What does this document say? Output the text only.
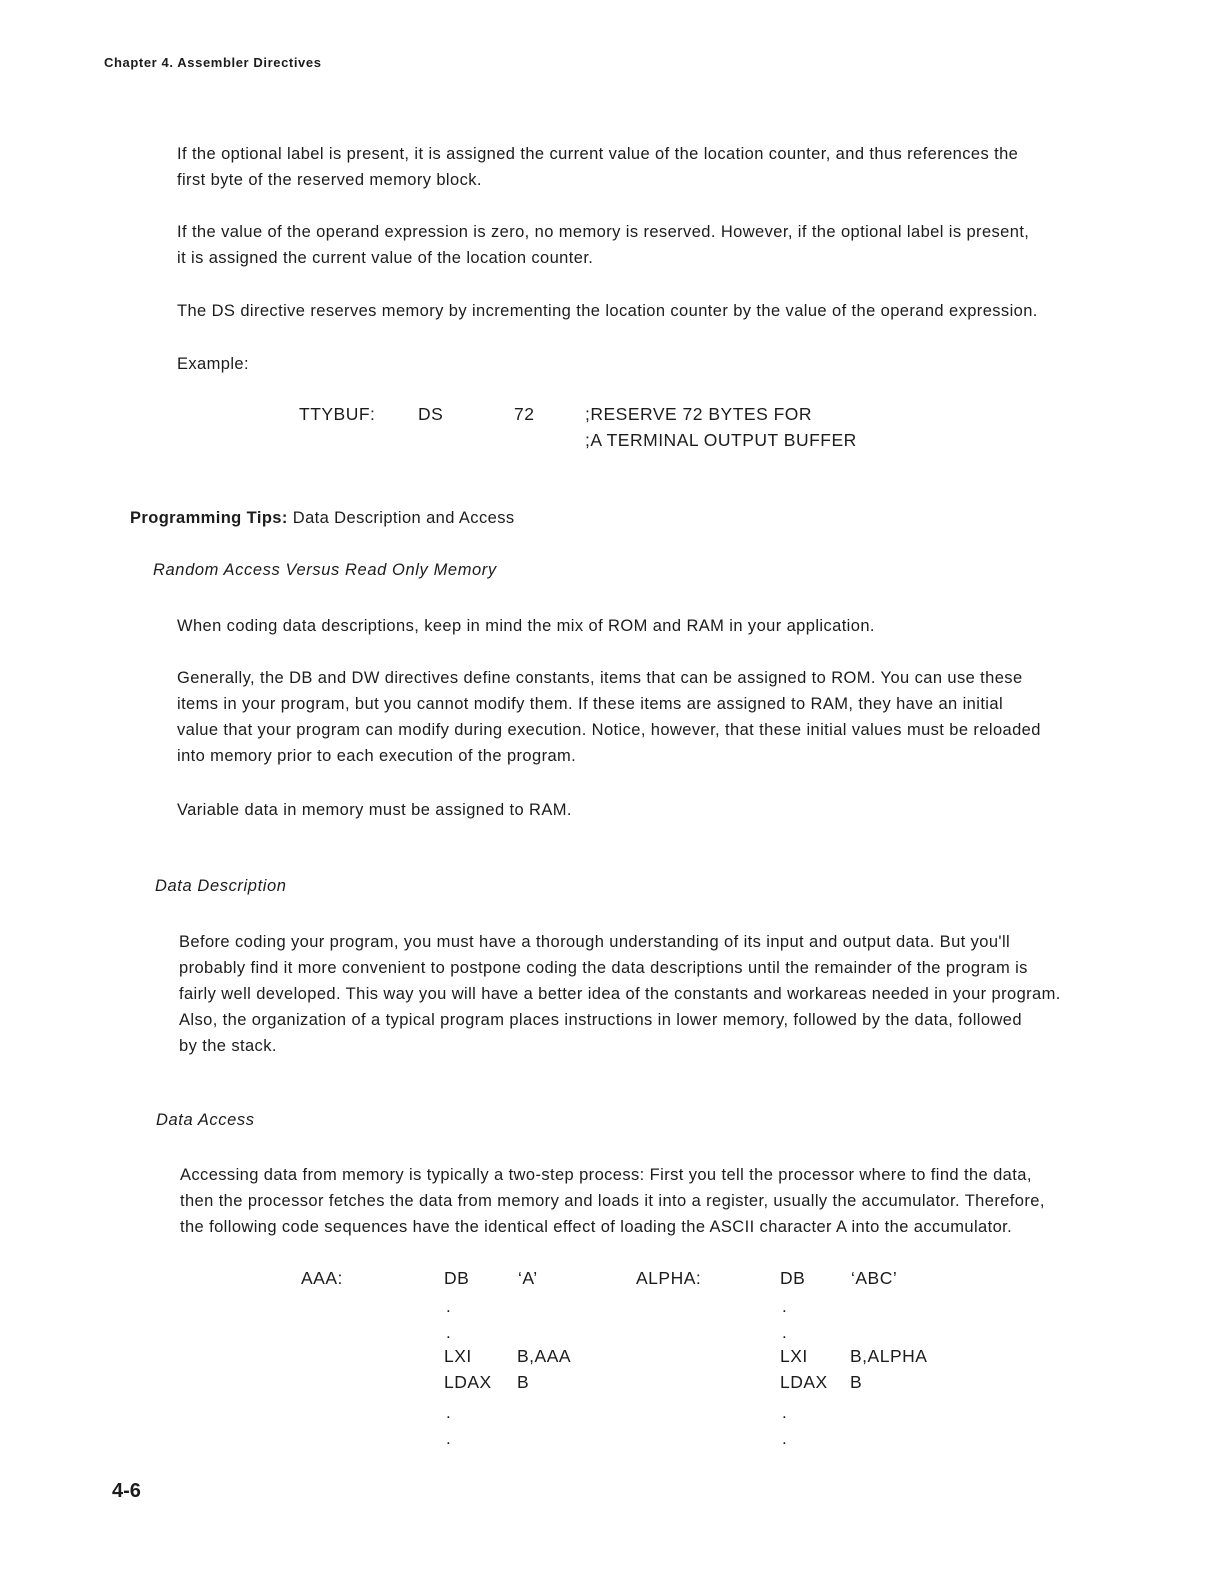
Chapter 4. Assembler Directives
If the optional label is present, it is assigned the current value of the location counter, and thus references the
first byte of the reserved memory block.
If the value of the operand expression is zero, no memory is reserved. However, if the optional label is present,
it is assigned the current value of the location counter.
The DS directive reserves memory by incrementing the location counter by the value of the operand expression.
Example:
TTYBUF: DS	72	;RESERVE 72 BYTES FOR
;A TERMINAL OUTPUT BUFFER
Programming Tips: Data Description and Access
Random Access Versus Read Only Memory
When coding data descriptions, keep in mind the mix of ROM and RAM in your application.
Generally, the DB and DW directives define constants, items that can be assigned to ROM. You can use these
items in your program, but you cannot modify them. If these items are assigned to RAM, they have an initial
value that your program can modify during execution. Notice, however, that these initial values must be reloaded
into memory prior to each execution of the program.
Variable data in memory must be assigned to RAM.
Data Description
Before coding your program, you must have a thorough understanding of its input and output data. But you'll
probably find it more convenient to postpone coding the data descriptions until the remainder of the program is
fairly well developed. This way you will have a better idea of the constants and workareas needed in your program.
Also, the organization of a typical program places instructions in lower memory, followed by the data, followed
by the stack.
Data Access
Accessing data from memory is typically a two-step process: First you tell the processor where to find the data,
then the processor fetches the data from memory and loads it into a register, usually the accumulator. Therefore,
the following code sequences have the identical effect of loading the ASCII character A into the accumulator.
AAA:	DB	‘A’
.
.
LXI	B,AAA
LDAX B
.
.
ALPHA:	DB	‘ABC’
.
.
LXI B,ALPHA
LDAX B
.
.
4-6
